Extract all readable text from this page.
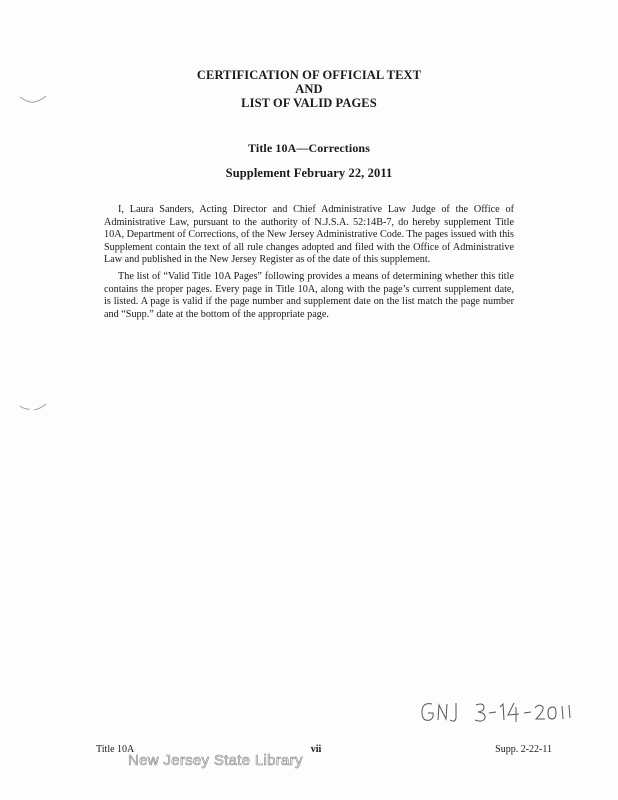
CERTIFICATION OF OFFICIAL TEXT
AND
LIST OF VALID PAGES
Title 10A—Corrections
Supplement February 22, 2011

I, Laura Sanders, Acting Director and Chief Administrative Law Judge of the Office of Administrative Law, pursuant to the authority of N.J.S.A. 52:14B-7, do hereby supplement Title 10A, Department of Corrections, of the New Jersey Administrative Code. The pages issued with this Supplement contain the text of all rule changes adopted and filed with the Office of Administrative Law and published in the New Jersey Register as of the date of this supplement.

The list of “Valid Title 10A Pages” following provides a means of determining whether this title contains the proper pages. Every page in Title 10A, along with the page’s current supplement date, is listed. A page is valid if the page number and supplement date on the list match the page number and “Supp.” date at the bottom of the appropriate page.

Title 10A	vii	Supp. 2-22-11
New Jersey State Library
